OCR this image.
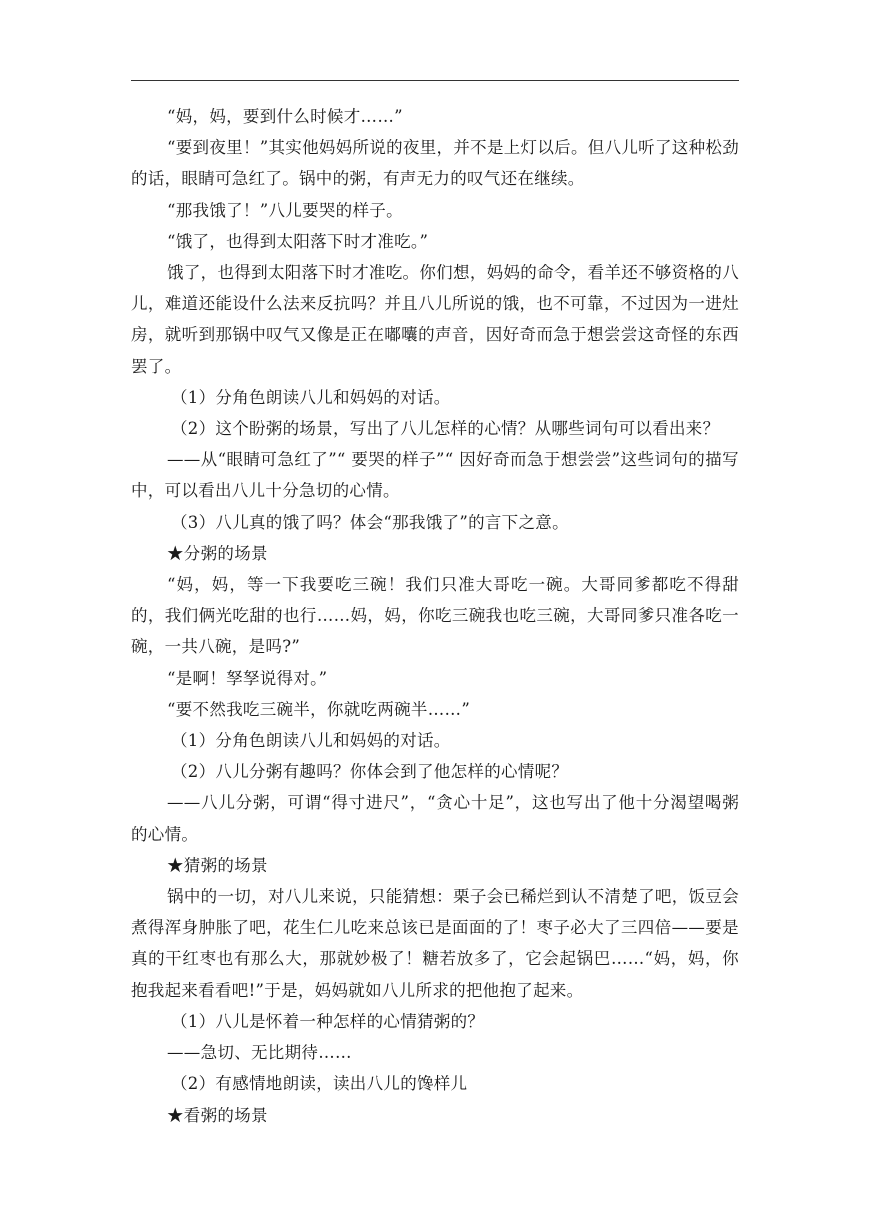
“妈，妈，要到什么时候才……”

“要到夜里！”其实他妈妈所说的夜里，并不是上灯以后。但八儿听了这种松劲的话，眼睛可急红了。锅中的粥，有声无力的叹气还在继续。

“那我饿了！”八儿要哭的样子。

“饿了，也得到太阳落下时才准吃。”

饿了，也得到太阳落下时才准吃。你们想，妈妈的命令，看羊还不够资格的八儿，难道还能设什么法来反抗吗？并且八儿所说的饿，也不可靠，不过因为一进灶房，就听到那锅中叹气又像是正在嘟囔的声音，因好奇而急于想尝尝这奇怪的东西罢了。

（1）分角色朗读八儿和妈妈的对话。

（2）这个盼粥的场景，写出了八儿怎样的心情？从哪些词句可以看出来？

——从“眼睛可急红了”“ 要哭的样子”“ 因好奇而急于想尝尝”这些词句的描写中，可以看出八儿十分急切的心情。

（3）八儿真的饿了吗？体会“那我饿了”的言下之意。

★分粥的场景

“妈，妈，等一下我要吃三碗！我们只准大哥吃一碗。大哥同爹都吃不得甜的，我们俩光吃甜的也行……妈，妈，你吃三碗我也吃三碗，大哥同爹只准各吃一碗，一共八碗，是吗?”

“是啊！孥孥说得对。”

“要不然我吃三碗半，你就吃两碗半……”

（1）分角色朗读八儿和妈妈的对话。

（2）八儿分粥有趣吗？你体会到了他怎样的心情呢？

——八儿分粥，可谓“得寸进尺”，“贪心十足”，这也写出了他十分渴望喝粥的心情。

★猜粥的场景

锅中的一切，对八儿来说，只能猜想：栗子会已稀烂到认不清楚了吧，饭豆会煮得浑身肿胀了吧，花生仁儿吃来总该已是面面的了！枣子必大了三四倍——要是真的干红枣也有那么大，那就妙极了！糖若放多了，它会起锅巴……“妈，妈，你抱我起来看看吧!”于是，妈妈就如八儿所求的把他抱了起来。

（1）八儿是怀着一种怎样的心情猜粥的？

——急切、无比期待……

（2）有感情地朗读，读出八儿的馋样儿

★看粥的场景
